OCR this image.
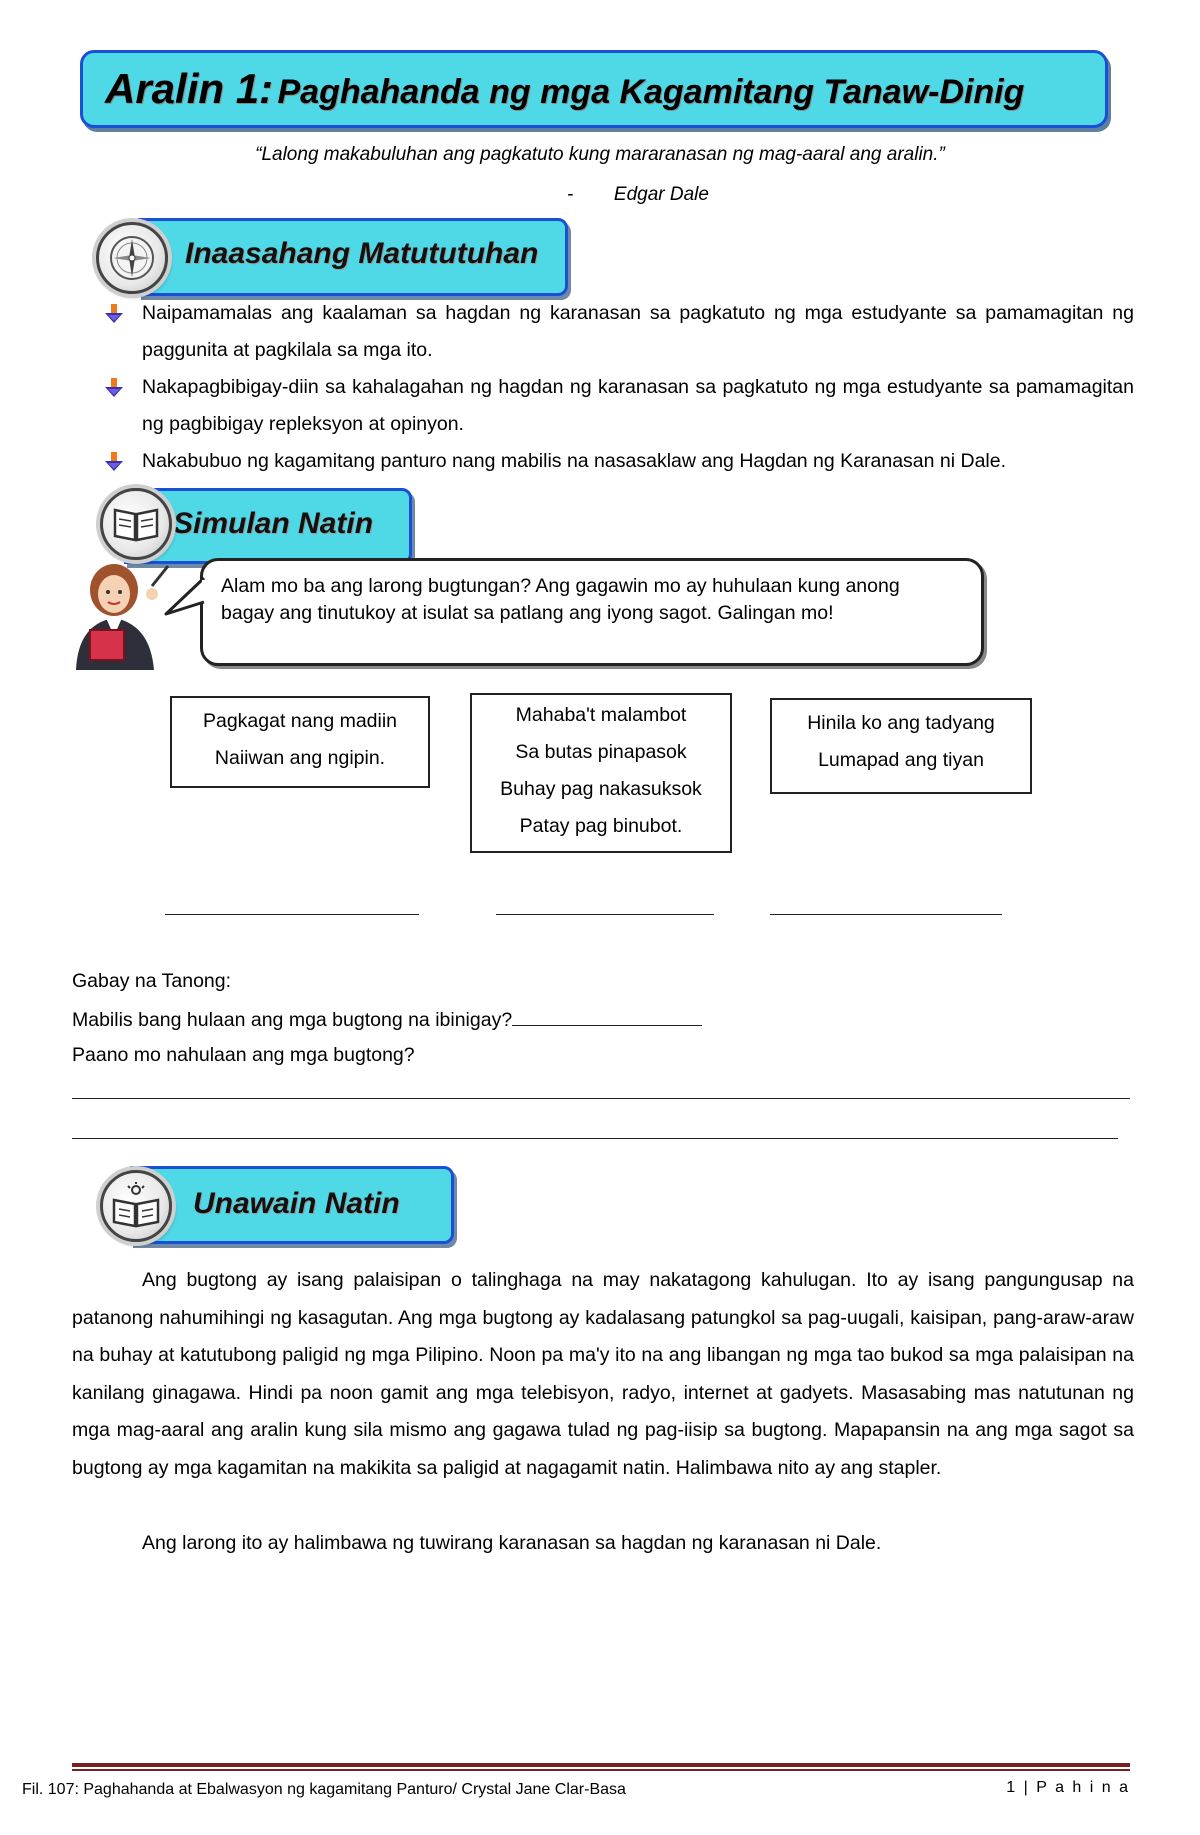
Aralin 1: Paghahanda ng mga Kagamitang Tanaw-Dinig
“Lalong makabuluhan ang pagkatuto kung mararanasan ng mag-aaral ang aralin.”
- Edgar Dale
Inaasahang Matututuhan
Naipamamalas ang kaalaman sa hagdan ng karanasan sa pagkatuto ng mga estudyante sa pamamagitan ng paggunita at pagkilala sa mga ito.
Nakapagbibigay-diin sa kahalagahan ng hagdan ng karanasan sa pagkatuto ng mga estudyante sa pamamagitan ng pagbibigay repleksyon at opinyon.
Nakabubuo ng kagamitang panturo nang mabilis na nasasaklaw ang Hagdan ng Karanasan ni Dale.
Simulan Natin
Alam mo ba ang larong bugtungan? Ang gagawin mo ay huhulaan kung anong bagay ang tinutukoy at isulat sa patlang ang iyong sagot. Galingan mo!
Pagkagat nang madiin
Naiiwan ang ngipin.
Mahaba't malambot
Sa butas pinapasok
Buhay pag nakasuksok
Patay pag binubot.
Hinila ko ang tadyang
Lumapad ang tiyan
Gabay na Tanong:
Mabilis bang hulaan ang mga bugtong na ibinigay?
Paano mo nahulaan ang mga bugtong?
Unawain Natin
Ang bugtong ay isang palaisipan o talinghaga na may nakatagong kahulugan. Ito ay isang pangungusap na patanong nahumihingi ng kasagutan. Ang mga bugtong ay kadalasang patungkol sa pag-uugali, kaisipan, pang-araw-araw na buhay at katutubong paligid ng mga Pilipino. Noon pa ma'y ito na ang libangan ng mga tao bukod sa mga palaisipan na kanilang ginagawa. Hindi pa noon gamit ang mga telebisyon, radyo, internet at gadyets. Masasabing mas natutunan ng mga mag-aaral ang aralin kung sila mismo ang gagawa tulad ng pag-iisip sa bugtong. Mapapansin na ang mga sagot sa bugtong ay mga kagamitan na makikita sa paligid at nagagamit natin. Halimbawa nito ay ang stapler.
Ang larong ito ay halimbawa ng tuwirang karanasan sa hagdan ng karanasan ni Dale.
Fil. 107: Paghahanda at Ebalwasyon ng kagamitang Panturo/ Crystal Jane Clar-Basa	1 | P a h i n a
